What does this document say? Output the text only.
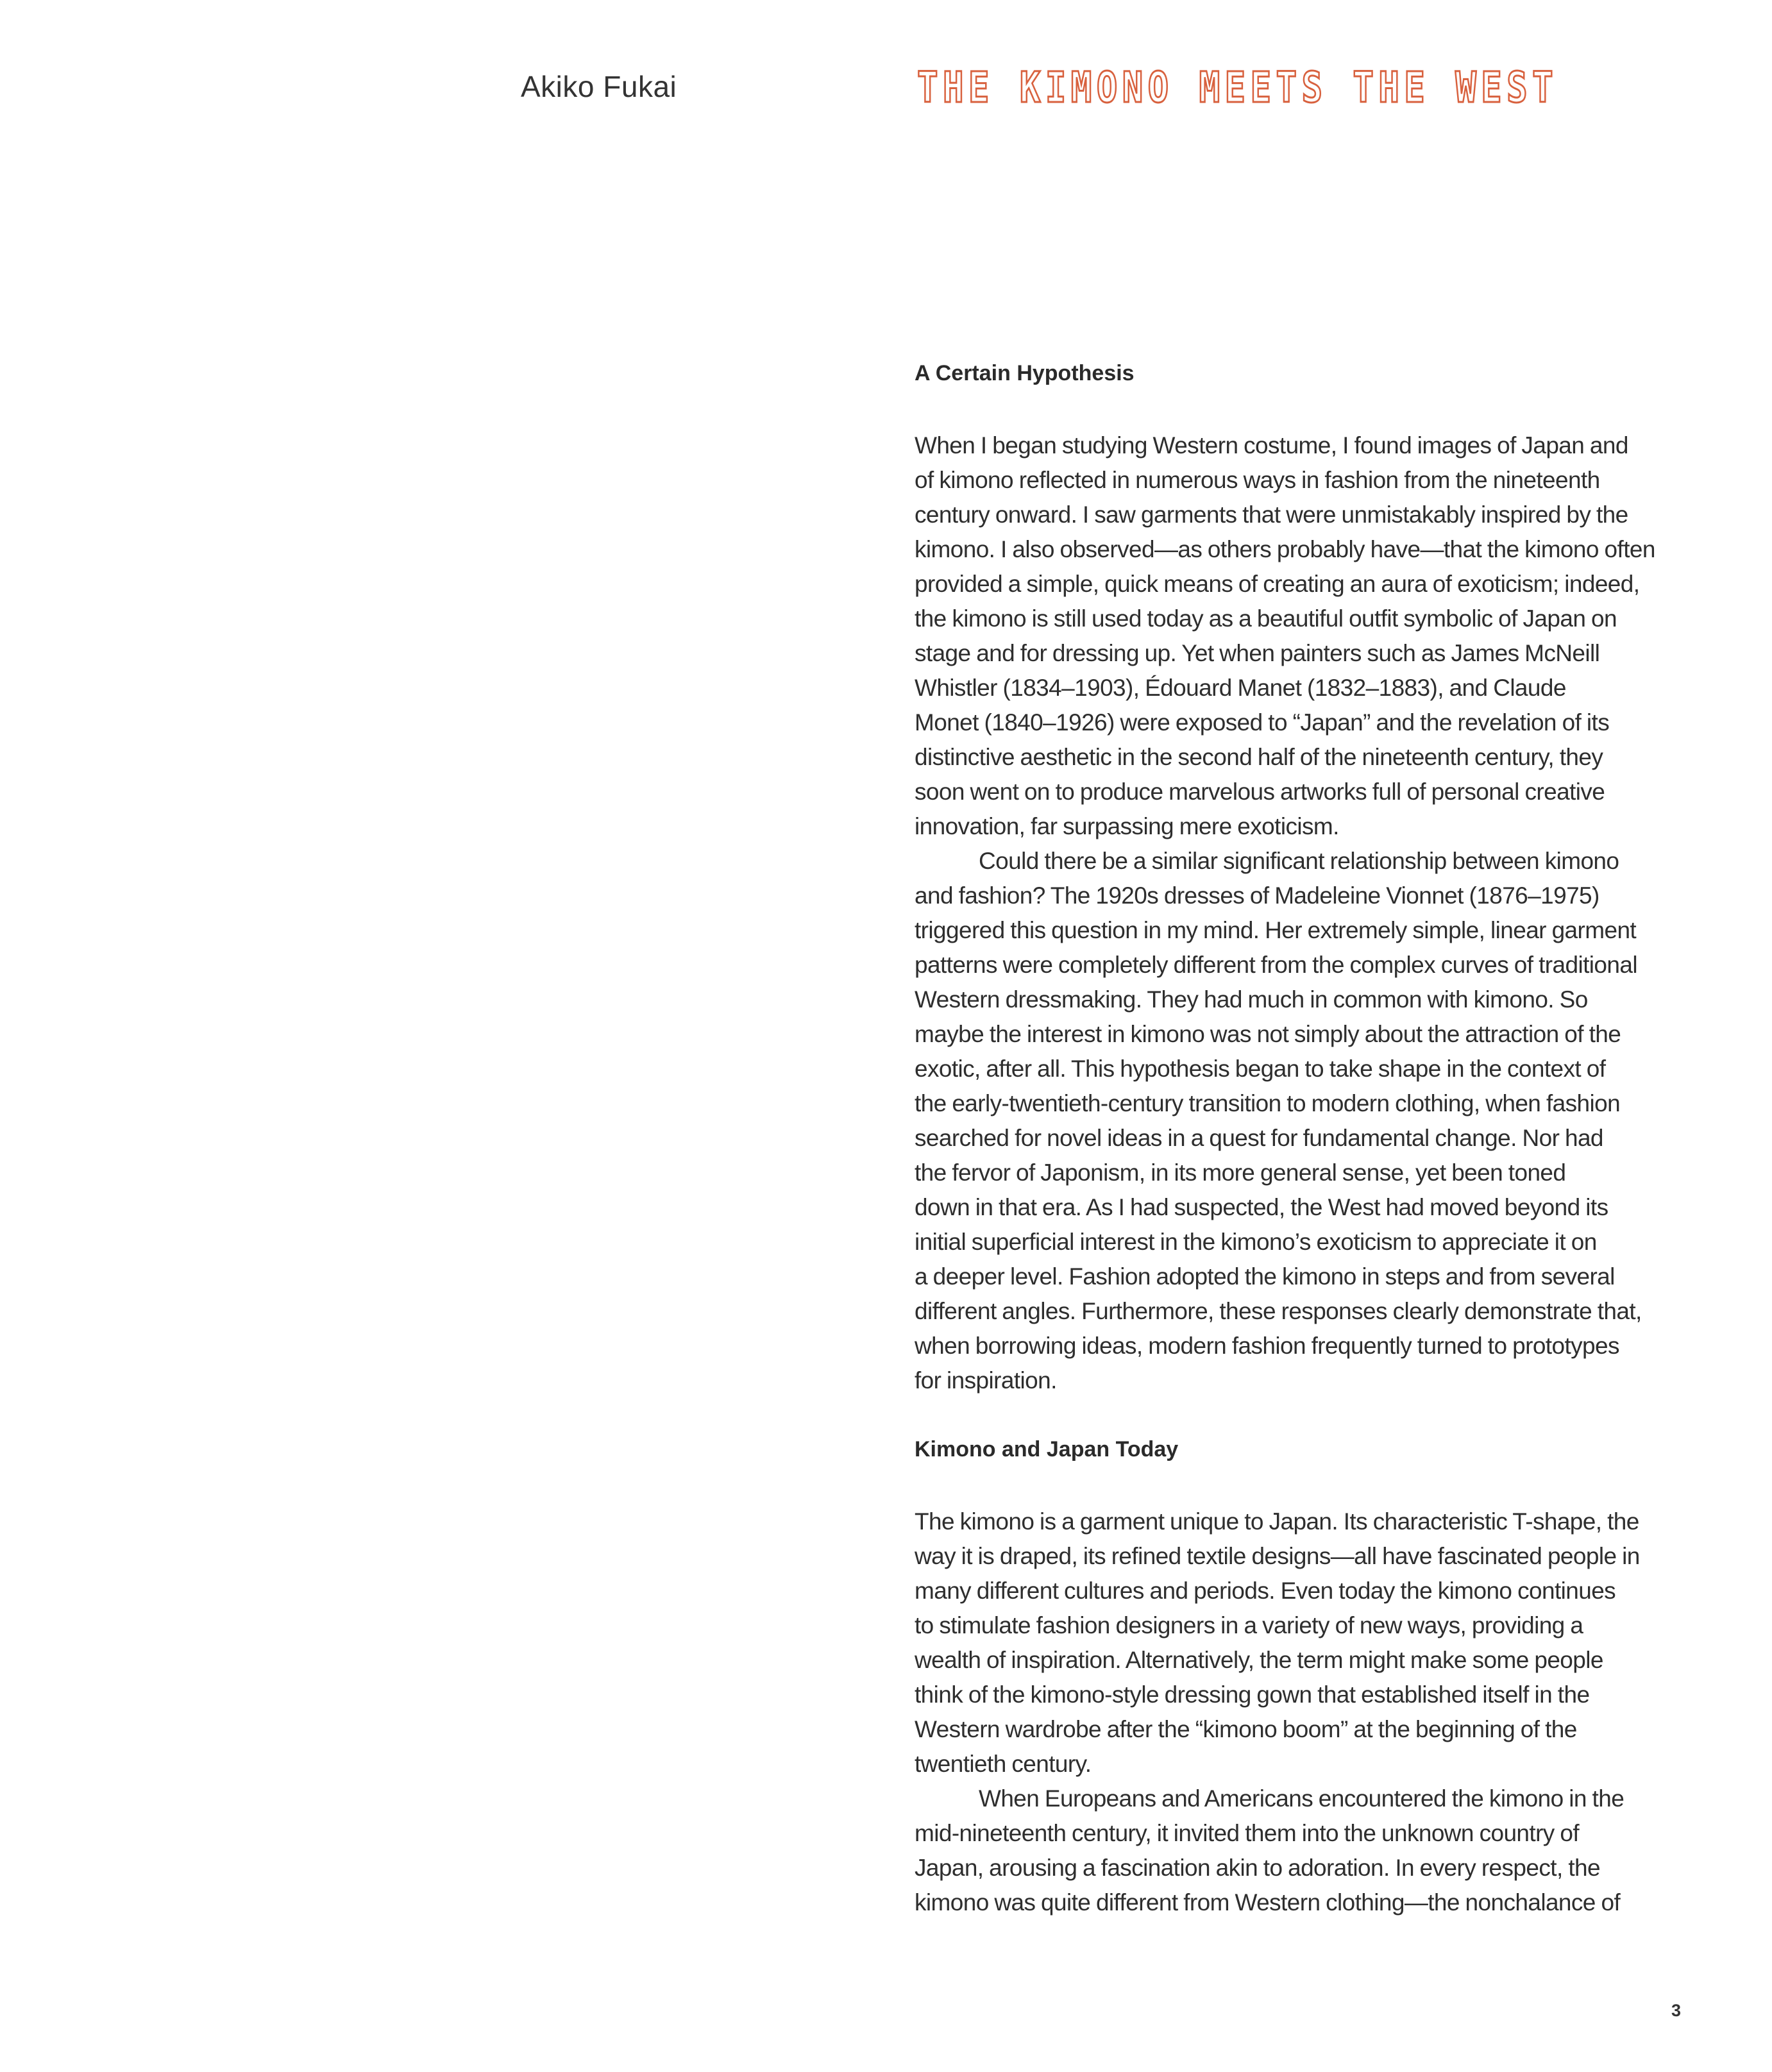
Akiko Fukai	THE KIMONO MEETS THE WEST
A Certain Hypothesis

When I began studying Western costume, I found images of Japan and
of kimono reflected in numerous ways in fashion from the nineteenth
century onward. I saw garments that were unmistakably inspired by the
kimono. I also observed—as others probably have—that the kimono often
provided a simple, quick means of creating an aura of exoticism; indeed,
the kimono is still used today as a beautiful outfit symbolic of Japan on
stage and for dressing up. Yet when painters such as James McNeill
Whistler (1834–1903), Édouard Manet (1832–1883), and Claude
Monet (1840–1926) were exposed to “Japan” and the revelation of its
distinctive aesthetic in the second half of the nineteenth century, they
soon went on to produce marvelous artworks full of personal creative
innovation, far surpassing mere exoticism.

Could there be a similar significant relationship between kimono
and fashion? The 1920s dresses of Madeleine Vionnet (1876–1975)
triggered this question in my mind. Her extremely simple, linear garment
patterns were completely different from the complex curves of traditional
Western dressmaking. They had much in common with kimono. So
maybe the interest in kimono was not simply about the attraction of the
exotic, after all. This hypothesis began to take shape in the context of
the early-twentieth-century transition to modern clothing, when fashion
searched for novel ideas in a quest for fundamental change. Nor had
the fervor of Japonism, in its more general sense, yet been toned
down in that era. As I had suspected, the West had moved beyond its
initial superficial interest in the kimono’s exoticism to appreciate it on
a deeper level. Fashion adopted the kimono in steps and from several
different angles. Furthermore, these responses clearly demonstrate that,
when borrowing ideas, modern fashion frequently turned to prototypes
for inspiration.

Kimono and Japan Today

The kimono is a garment unique to Japan. Its characteristic T-shape, the
way it is draped, its refined textile designs—all have fascinated people in
many different cultures and periods. Even today the kimono continues
to stimulate fashion designers in a variety of new ways, providing a
wealth of inspiration. Alternatively, the term might make some people
think of the kimono-style dressing gown that established itself in the
Western wardrobe after the “kimono boom” at the beginning of the
twentieth century.

When Europeans and Americans encountered the kimono in the
mid-nineteenth century, it invited them into the unknown country of
Japan, arousing a fascination akin to adoration. In every respect, the
kimono was quite different from Western clothing—the nonchalance of

3
